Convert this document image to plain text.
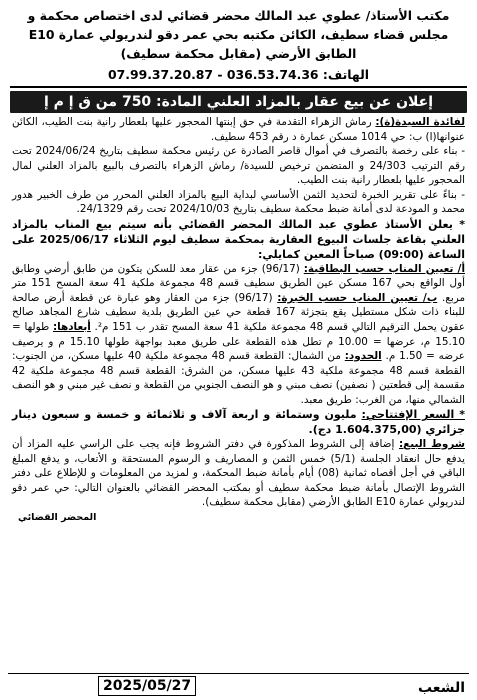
مكتب الأستاذ/ عطوي عبد المالك محضر قضائي لدى اختصاص محكمة و
مجلس قضاء سطيف، الكائن مكتبه بحي عمر دقو لندريولي عمارة E10
الطابق الأرضي (مقابل محكمة سطيف)
الهاتف: 036.53.74.36 - 07.99.37.20.87
إعلان عن بيع عقار بالمزاد العلني المادة: 750 من ق إ م إ

لفائدة السيدة(ة): رماش الزهراء التقدمة في حق إبنتها المحجور عليها بلعطار رانية بنت الطيب، الكائن عنوانها(ا) ب: حي 1014 مسكن عمارة د رقم 453 سطيف.

- بناء على رخصة بالتصرف في أموال قاصر الصادرة عن رئيس محكمة سطيف بتاريخ 2024/06/24 تحت رقم الترتيب 24/303 و المتضمن ترخيص للسيدة/ رماش الزهراء بالتصرف بالبيع بالمزاد العلني لمال المحجور عليها بلعطار رانية بنت الطيب.

- بناءً على تقرير الخبرة لتحديد الثمن الأساسي لبداية البيع بالمزاد العلني المحرر من طرف الخبير هدور محمد و المودعة لدى أمانة ضبط محكمة سطيف بتاريخ 2024/10/03 تحت رقم 24/1329.

* يعلن الأستاذ عطوي عبد المالك المحضر القضائي بأنه سيتم بيع المناب بالمزاد العلني بقاعة جلسات البيوع العقارية بمحكمة سطيف ليوم الثلاثاء 2025/06/17 على الساعة (09:00) صباحاً المعين كمايلي:

أ/ تعيين المناب حسب البطاقية: (96/17) جزء من عقار معد للسكن يتكون من طابق أرضي وطابق أول الواقع بحي 167 مسكن عين الطريق سطيف قسم 48 مجموعة ملكية 41 سعة المسح 151 متر مربع. ب/ تعيين المناب حسب الخبرة: (96/17) جزء من العقار وهو عبارة عن قطعة أرض صالحة للبناء ذات شكل مستطيل يقع بتجزئة 167 قطعة حي عين الطريق بلدية سطيف شارع المجاهد صالح عقون يحمل الترقيم التالي قسم 48 مجموعة ملكية 41 سعة المسح تقدر ب 151 م². أبعادها: طولها = 15.10 م، عرضها = 10.00 م تطل هذه القطعة على طريق معبد بواجهة طولها 15.10 م و يرصيف عرضه = 1.50 م. الحدود: من الشمال: القطعة قسم 48 مجموعة ملكية 40 عليها مسكن، من الجنوب: القطعة قسم 48 مجموعة ملكية 43 عليها مسكن، من الشرق: القطعة قسم 48 مجموعة ملكية 42 مقسمة إلى قطعتين ( نصفين) نصف مبني و هو النصف الجنوبي من القطعة و نصف غير مبني و هو النصف الشمالي منها، من الغرب: طريق معبد.

* السعر الإفتتاحي: مليون وستمائة و اربعة آلاف و ثلاثمائة و خمسة و سبعون دينار جزائري (1.604.375,00 دج).

شروط البيع: إضافة إلى الشروط المذكورة في دفتر الشروط فإنه يجب على الراسي عليه المزاد أن يدفع حال انعقاد الجلسة (5/1) خمس الثمن و المصاريف و الرسوم المستحقة و الأتعاب، و يدفع المبلغ الباقي في أجل أقصاه ثمانية (08) أيام بأمانة ضبط المحكمة، و لمزيد من المعلومات و للإطلاع على دفتر الشروط الإتصال بأمانة ضبط محكمة سطيف أو بمكتب المحضر القضائي بالعنوان التالي: حي عمر دقو لندريولي عمارة E10 الطابق الأرضي (مقابل محكمة سطيف).

المحضر القضائي
الشعب
2025/05/27
